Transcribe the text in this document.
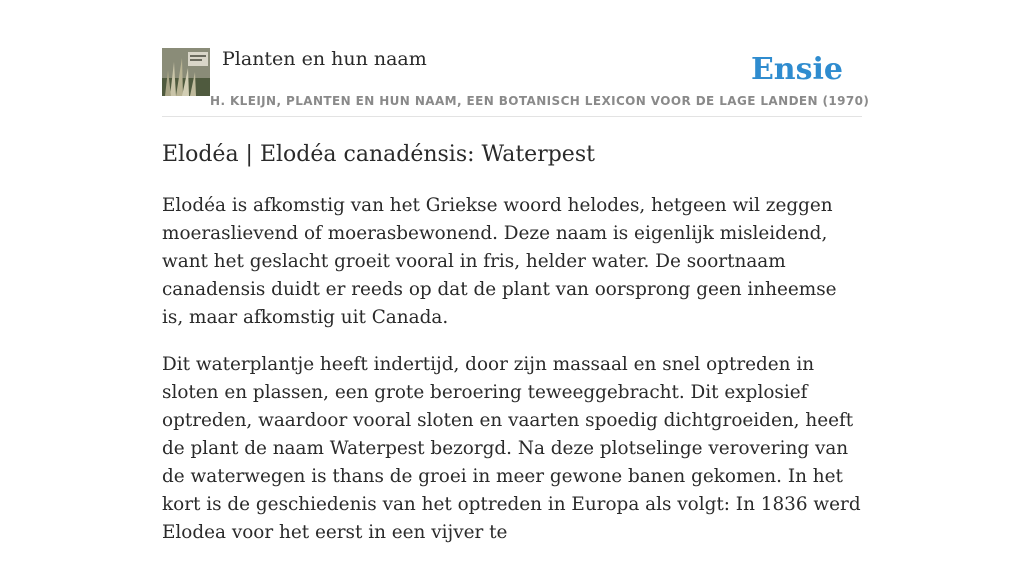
Planten en hun naam	Ensie
H. KLEIJN, PLANTEN EN HUN NAAM, EEN BOTANISCH LEXICON VOOR DE LAGE LANDEN (1970)
Elodéa | Elodéa canadénsis: Waterpest

Elodéa is afkomstig van het Griekse woord helodes, hetgeen wil zeggen moeraslievend of moerasbewonend. Deze naam is eigenlijk misleidend, want het geslacht groeit vooral in fris, helder water. De soortnaam canadensis duidt er reeds op dat de plant van oorsprong geen inheemse is, maar afkomstig uit Canada.

Dit waterplantje heeft indertijd, door zijn massaal en snel optreden in sloten en plassen, een grote beroering teweeggebracht. Dit explosief optreden, waardoor vooral sloten en vaarten spoedig dichtgroeiden, heeft de plant de naam Waterpest bezorgd. Na deze plotselinge verovering van de waterwegen is thans de groei in meer gewone banen gekomen. In het kort is de geschiedenis van het optreden in Europa als volgt: In 1836 werd Elodea voor het eerst in een vijver te
